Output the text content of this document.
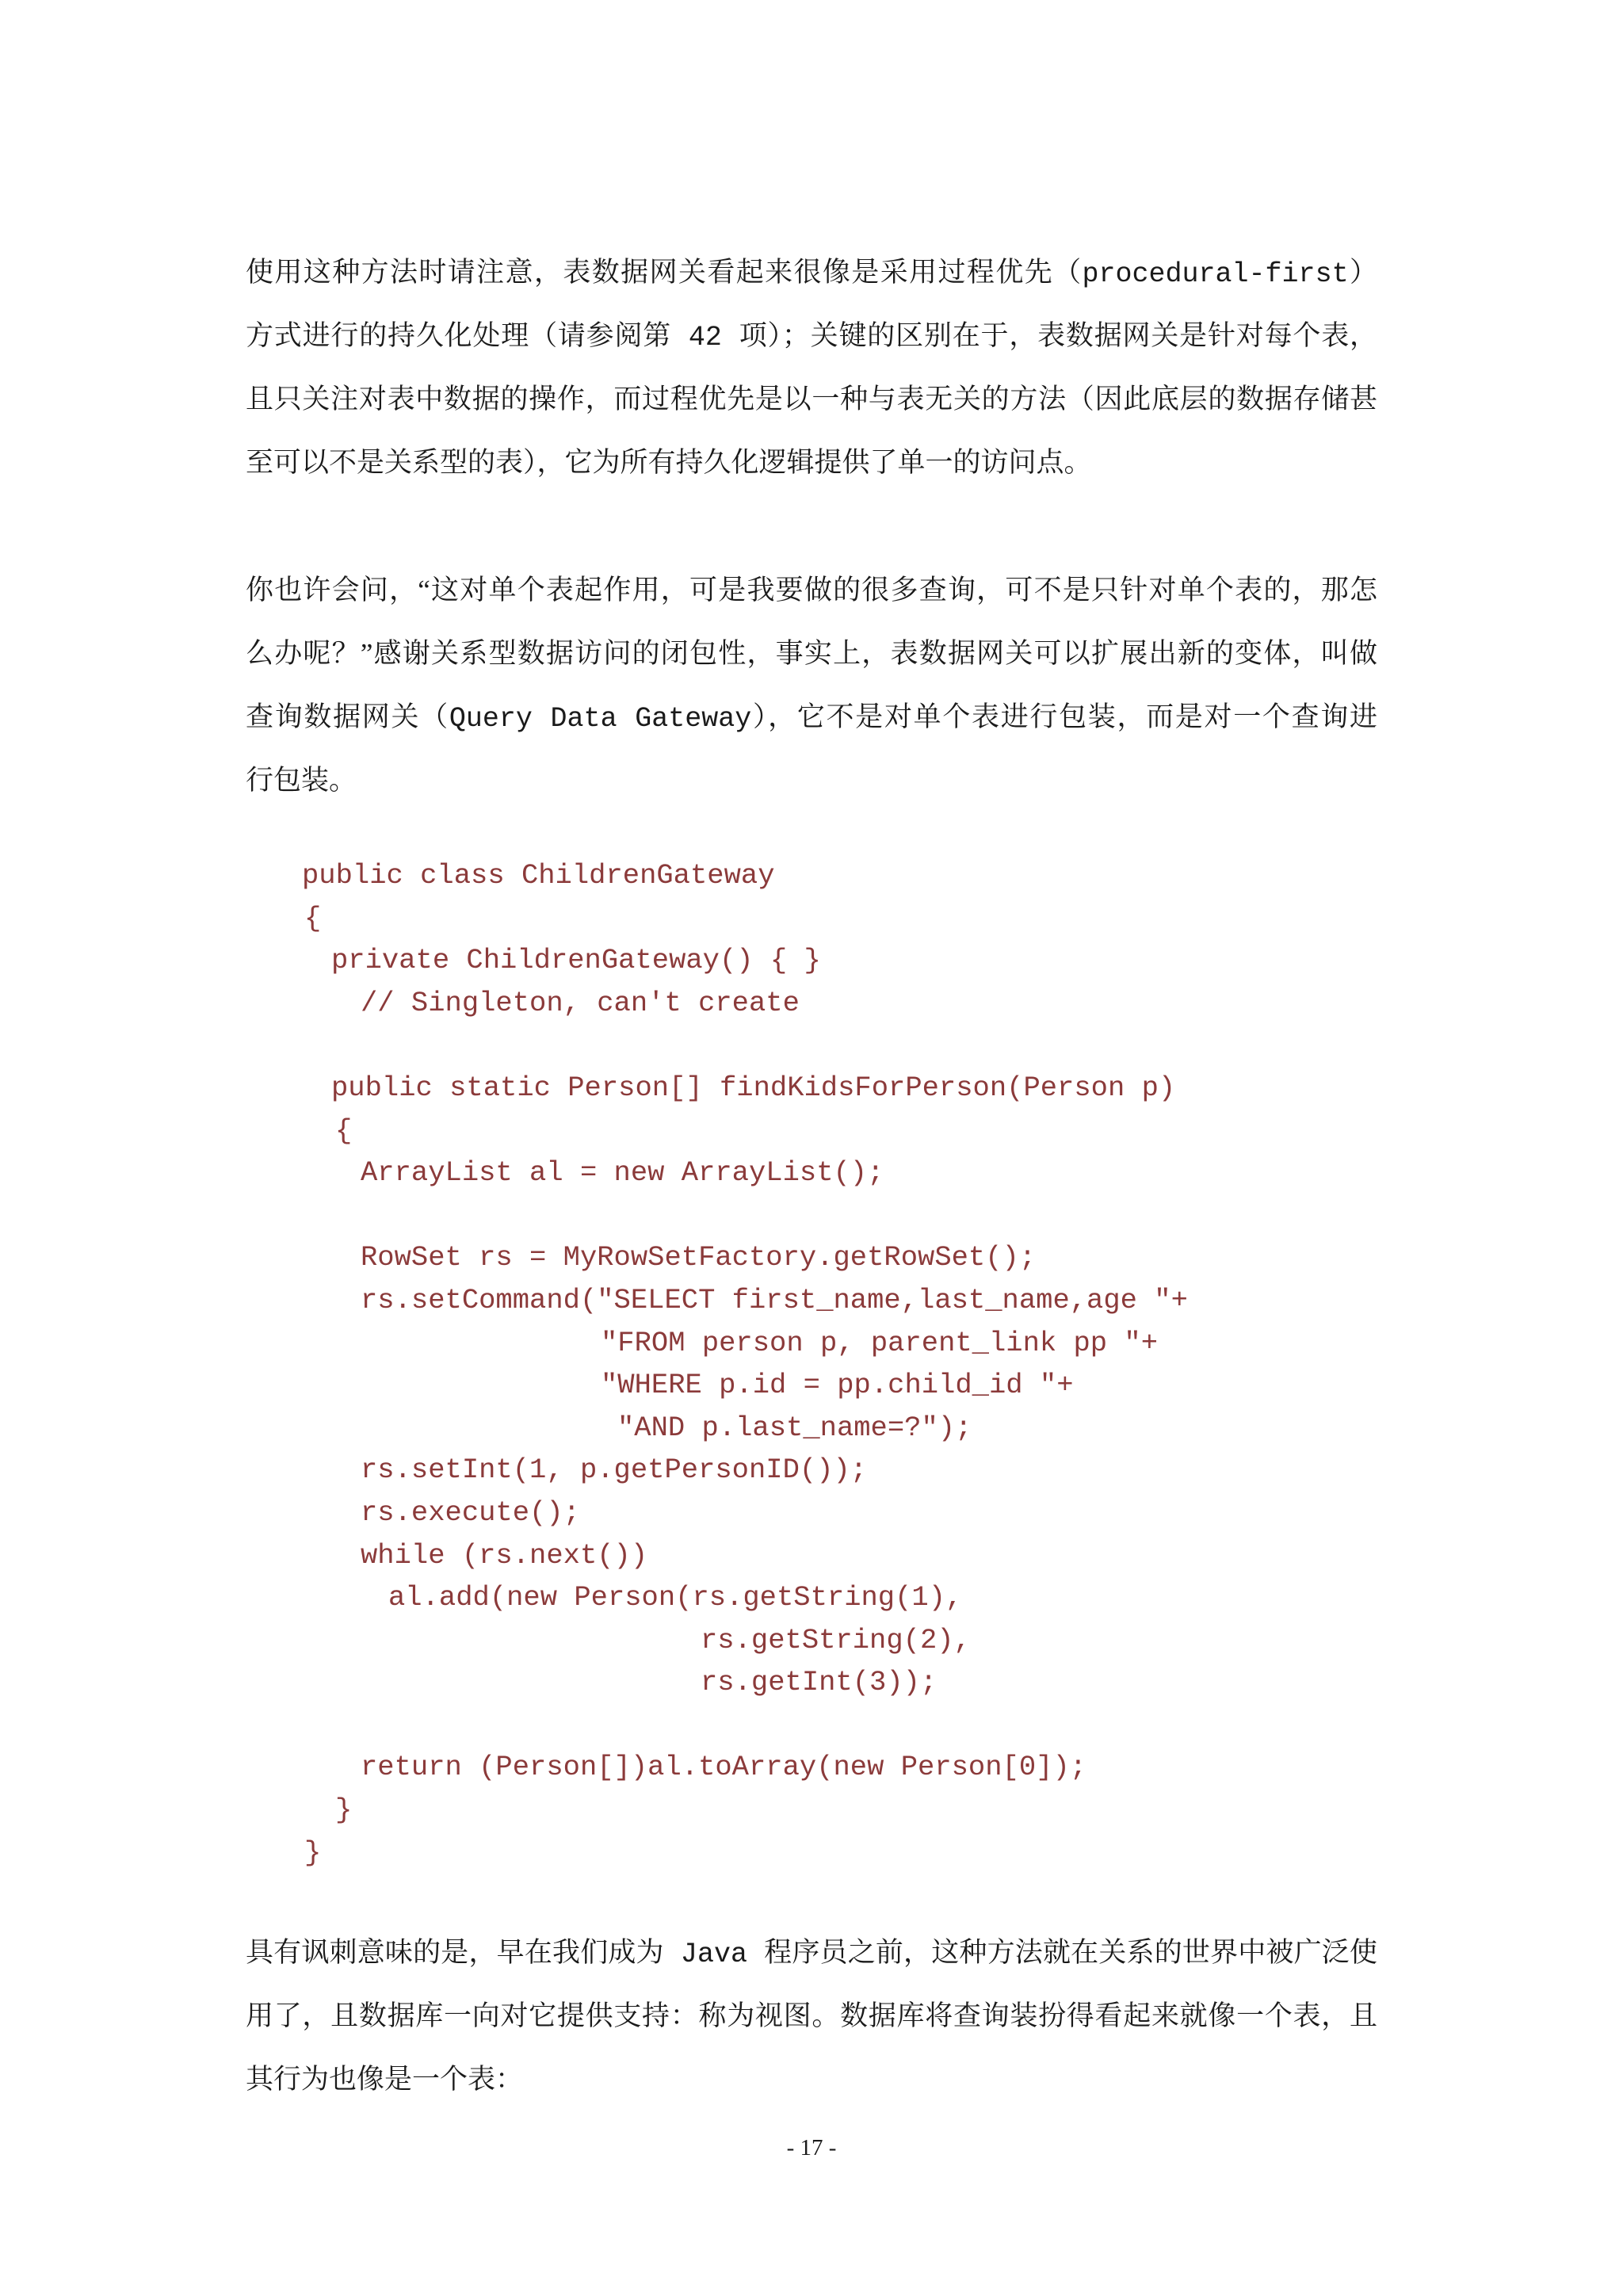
使用这种方法时请注意，表数据网关看起来很像是采用过程优先（procedural-first）
方式进行的持久化处理（请参阅第 42 项）；关键的区别在于，表数据网关是针对每个表，
且只关注对表中数据的操作，而过程优先是以一种与表无关的方法（因此底层的数据存储甚
至可以不是关系型的表），它为所有持久化逻辑提供了单一的访问点。
你也许会问，“这对单个表起作用，可是我要做的很多查询，可不是只针对单个表的，那怎
么办呢？”感谢关系型数据访问的闭包性，事实上，表数据网关可以扩展出新的变体，叫做
查询数据网关（Query Data Gateway），它不是对单个表进行包装，而是对一个查询进
行包装。
public class ChildrenGateway
{
private ChildrenGateway() { }
// Singleton, can't create
public static Person[] findKidsForPerson(Person p)
{
ArrayList al = new ArrayList();
RowSet rs = MyRowSetFactory.getRowSet();
rs.setCommand("SELECT first_name,last_name,age "+
"FROM person p, parent_link pp "+
"WHERE p.id = pp.child_id "+
"AND p.last_name=?");
rs.setInt(1, p.getPersonID());
rs.execute();
while (rs.next())
al.add(new Person(rs.getString(1),
rs.getString(2),
rs.getInt(3));
return (Person[])al.toArray(new Person[0]);
}
}
具有讽刺意味的是，早在我们成为 Java 程序员之前，这种方法就在关系的世界中被广泛使
用了，且数据库一向对它提供支持：称为视图。数据库将查询装扮得看起来就像一个表，且
其行为也像是一个表：
- 17 -
